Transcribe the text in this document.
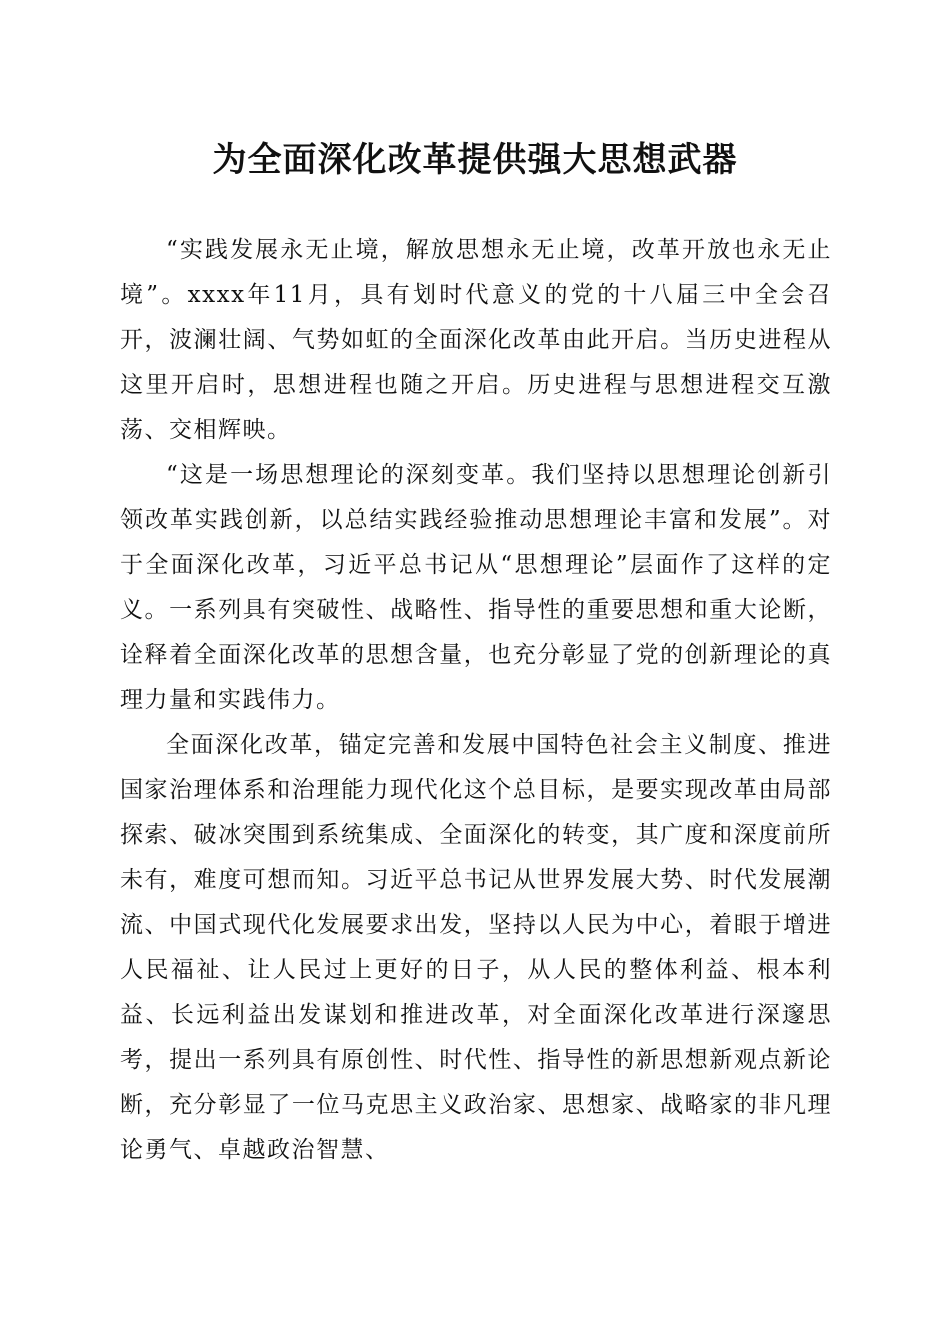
为全面深化改革提供强大思想武器

“实践发展永无止境，解放思想永无止境，改革开放也永无止境”。xxxx年11月，具有划时代意义的党的十八届三中全会召开，波澜壮阔、气势如虹的全面深化改革由此开启。当历史进程从这里开启时，思想进程也随之开启。历史进程与思想进程交互激荡、交相辉映。

“这是一场思想理论的深刻变革。我们坚持以思想理论创新引领改革实践创新，以总结实践经验推动思想理论丰富和发展”。对于全面深化改革，习近平总书记从“思想理论”层面作了这样的定义。一系列具有突破性、战略性、指导性的重要思想和重大论断，诠释着全面深化改革的思想含量，也充分彰显了党的创新理论的真理力量和实践伟力。

全面深化改革，锚定完善和发展中国特色社会主义制度、推进国家治理体系和治理能力现代化这个总目标，是要实现改革由局部探索、破冰突围到系统集成、全面深化的转变，其广度和深度前所未有，难度可想而知。习近平总书记从世界发展大势、时代发展潮流、中国式现代化发展要求出发，坚持以人民为中心，着眼于增进人民福祉、让人民过上更好的日子，从人民的整体利益、根本利益、长远利益出发谋划和推进改革，对全面深化改革进行深邃思考，提出一系列具有原创性、时代性、指导性的新思想新观点新论断，充分彰显了一位马克思主义政治家、思想家、战略家的非凡理论勇气、卓越政治智慧、
